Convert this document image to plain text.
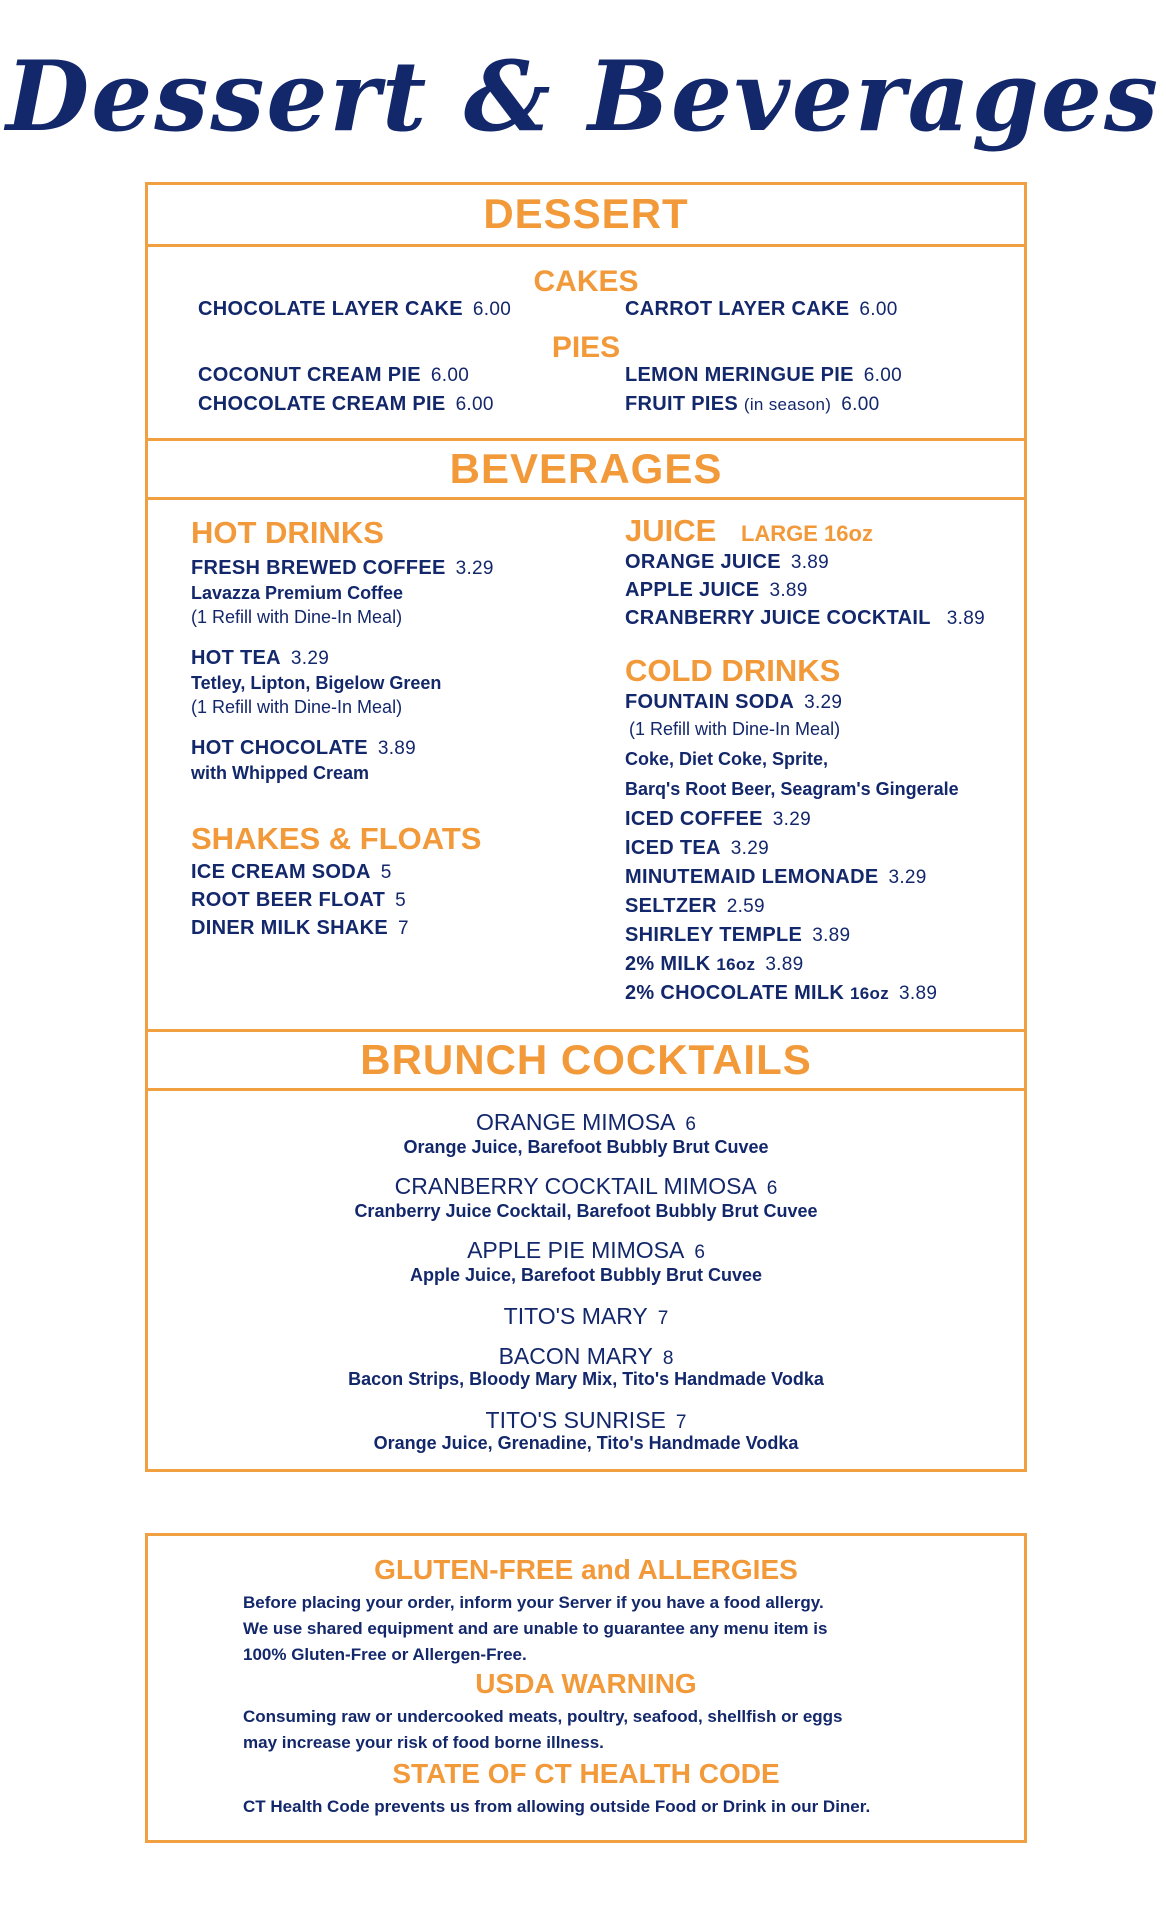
Dessert & Beverages
DESSERT
CAKES
CHOCOLATE LAYER CAKE 6.00	CARROT LAYER CAKE 6.00
PIES
COCONUT CREAM PIE 6.00	LEMON MERINGUE PIE 6.00
CHOCOLATE CREAM PIE 6.00	FRUIT PIES (in season) 6.00
BEVERAGES
HOT DRINKS
FRESH BREWED COFFEE 3.29
Lavazza Premium Coffee
(1 Refill with Dine-In Meal)
HOT TEA 3.29
Tetley, Lipton, Bigelow Green
(1 Refill with Dine-In Meal)
HOT CHOCOLATE 3.89
with Whipped Cream
SHAKES & FLOATS
ICE CREAM SODA 5
ROOT BEER FLOAT 5
DINER MILK SHAKE 7
JUICE LARGE 16oz
ORANGE JUICE 3.89
APPLE JUICE 3.89
CRANBERRY JUICE COCKTAIL 3.89
COLD DRINKS
FOUNTAIN SODA 3.29
(1 Refill with Dine-In Meal)
Coke, Diet Coke, Sprite,
Barq's Root Beer, Seagram's Gingerale
ICED COFFEE 3.29
ICED TEA 3.29
MINUTEMAID LEMONADE 3.29
SELTZER 2.59
SHIRLEY TEMPLE 3.89
2% MILK 16oz 3.89
2% CHOCOLATE MILK 16oz 3.89
BRUNCH COCKTAILS
ORANGE MIMOSA 6
Orange Juice, Barefoot Bubbly Brut Cuvee
CRANBERRY COCKTAIL MIMOSA 6
Cranberry Juice Cocktail, Barefoot Bubbly Brut Cuvee
APPLE PIE MIMOSA 6
Apple Juice, Barefoot Bubbly Brut Cuvee
TITO'S MARY 7
BACON MARY 8
Bacon Strips, Bloody Mary Mix, Tito's Handmade Vodka
TITO'S SUNRISE 7
Orange Juice, Grenadine, Tito's Handmade Vodka
GLUTEN-FREE and ALLERGIES
Before placing your order, inform your Server if you have a food allergy.
We use shared equipment and are unable to guarantee any menu item is
100% Gluten-Free or Allergen-Free.
USDA WARNING
Consuming raw or undercooked meats, poultry, seafood, shellfish or eggs
may increase your risk of food borne illness.
STATE OF CT HEALTH CODE
CT Health Code prevents us from allowing outside Food or Drink in our Diner.
